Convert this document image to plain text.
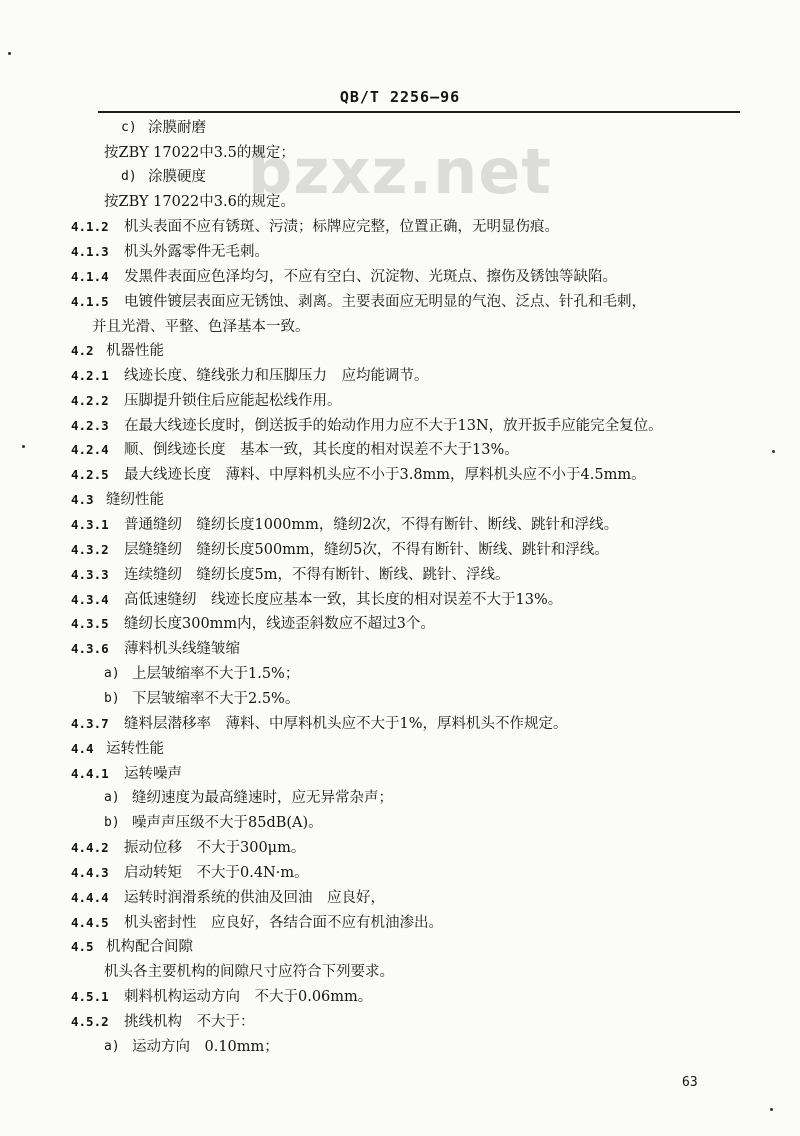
QB/T 2256—96
bzxz.net
c) 涂膜耐磨
按ZBY 17022中3.5的规定；
d) 涂膜硬度
按ZBY 17022中3.6的规定。
4.1.2 机头表面不应有锈斑、污渍；标牌应完整，位置正确，无明显伤痕。
4.1.3 机头外露零件无毛刺。
4.1.4 发黑件表面应色泽均匀，不应有空白、沉淀物、光斑点、擦伤及锈蚀等缺陷。
4.1.5 电镀件镀层表面应无锈蚀、剥离。主要表面应无明显的气泡、泛点、针孔和毛刺，
并且光滑、平整、色泽基本一致。
4.2 机器性能
4.2.1 线迹长度、缝线张力和压脚压力　应均能调节。
4.2.2 压脚提升锁住后应能起松线作用。
4.2.3 在最大线迹长度时，倒送扳手的始动作用力应不大于13N，放开扳手应能完全复位。
4.2.4 顺、倒线迹长度　基本一致，其长度的相对误差不大于13%。
4.2.5 最大线迹长度　薄料、中厚料机头应不小于3.8mm，厚料机头应不小于4.5mm。
4.3 缝纫性能
4.3.1 普通缝纫　缝纫长度1000mm，缝纫2次，不得有断针、断线、跳针和浮线。
4.3.2 层缝缝纫　缝纫长度500mm，缝纫5次，不得有断针、断线、跳针和浮线。
4.3.3 连续缝纫　缝纫长度5m，不得有断针、断线、跳针、浮线。
4.3.4 高低速缝纫　线迹长度应基本一致，其长度的相对误差不大于13%。
4.3.5 缝纫长度300mm内，线迹歪斜数应不超过3个。
4.3.6 薄料机头线缝皱缩
a) 上层皱缩率不大于1.5%；
b) 下层皱缩率不大于2.5%。
4.3.7 缝料层潜移率　薄料、中厚料机头应不大于1%，厚料机头不作规定。
4.4 运转性能
4.4.1 运转噪声
a) 缝纫速度为最高缝速时，应无异常杂声；
b) 噪声声压级不大于85dB(A)。
4.4.2 振动位移　不大于300μm。
4.4.3 启动转矩　不大于0.4N·m。
4.4.4 运转时润滑系统的供油及回油　应良好，
4.4.5 机头密封性　应良好，各结合面不应有机油渗出。
4.5 机构配合间隙
机头各主要机构的间隙尺寸应符合下列要求。
4.5.1 刺料机构运动方向　不大于0.06mm。
4.5.2 挑线机构　不大于：
a) 运动方向　0.10mm；
63
